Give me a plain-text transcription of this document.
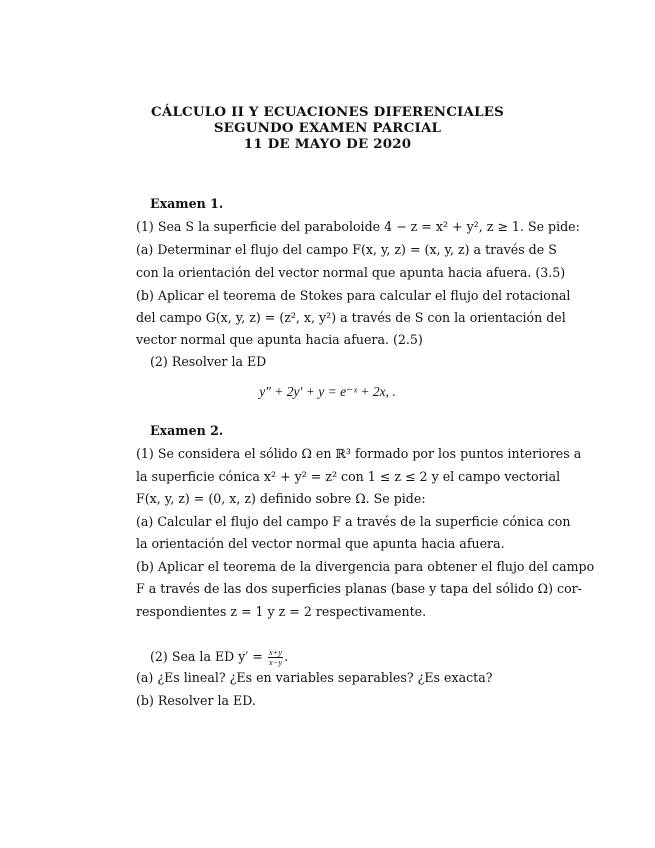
CÁLCULO II Y ECUACIONES DIFERENCIALES
SEGUNDO EXAMEN PARCIAL
11 DE MAYO DE 2020
Examen 1.
(1) Sea S la superficie del paraboloide 4 − z = x² + y², z ≥ 1. Se pide:
(a) Determinar el flujo del campo F(x, y, z) = (x, y, z) a través de S
con la orientación del vector normal que apunta hacia afuera. (3.5)
(b) Aplicar el teorema de Stokes para calcular el flujo del rotacional
del campo G(x, y, z) = (z², x, y²) a través de S con la orientación del
vector normal que apunta hacia afuera. (2.5)
(2) Resolver la ED
y″ + 2y′ + y = e⁻ˣ + 2x, .
Examen 2.
(1) Se considera el sólido Ω en ℝ³ formado por los puntos interiores a
la superficie cónica x² + y² = z² con 1 ≤ z ≤ 2 y el campo vectorial
F(x, y, z) = (0, x, z) definido sobre Ω. Se pide:
(a) Calcular el flujo del campo F a través de la superficie cónica con
la orientación del vector normal que apunta hacia afuera.
(b) Aplicar el teorema de la divergencia para obtener el flujo del campo
F a través de las dos superficies planas (base y tapa del sólido Ω) cor-
respondientes z = 1 y z = 2 respectivamente.
(2) Sea la ED $y' = \frac{x+y}{x-y}$ .
(a) ¿Es lineal? ¿Es en variables separables? ¿Es exacta?
(b) Resolver la ED.
